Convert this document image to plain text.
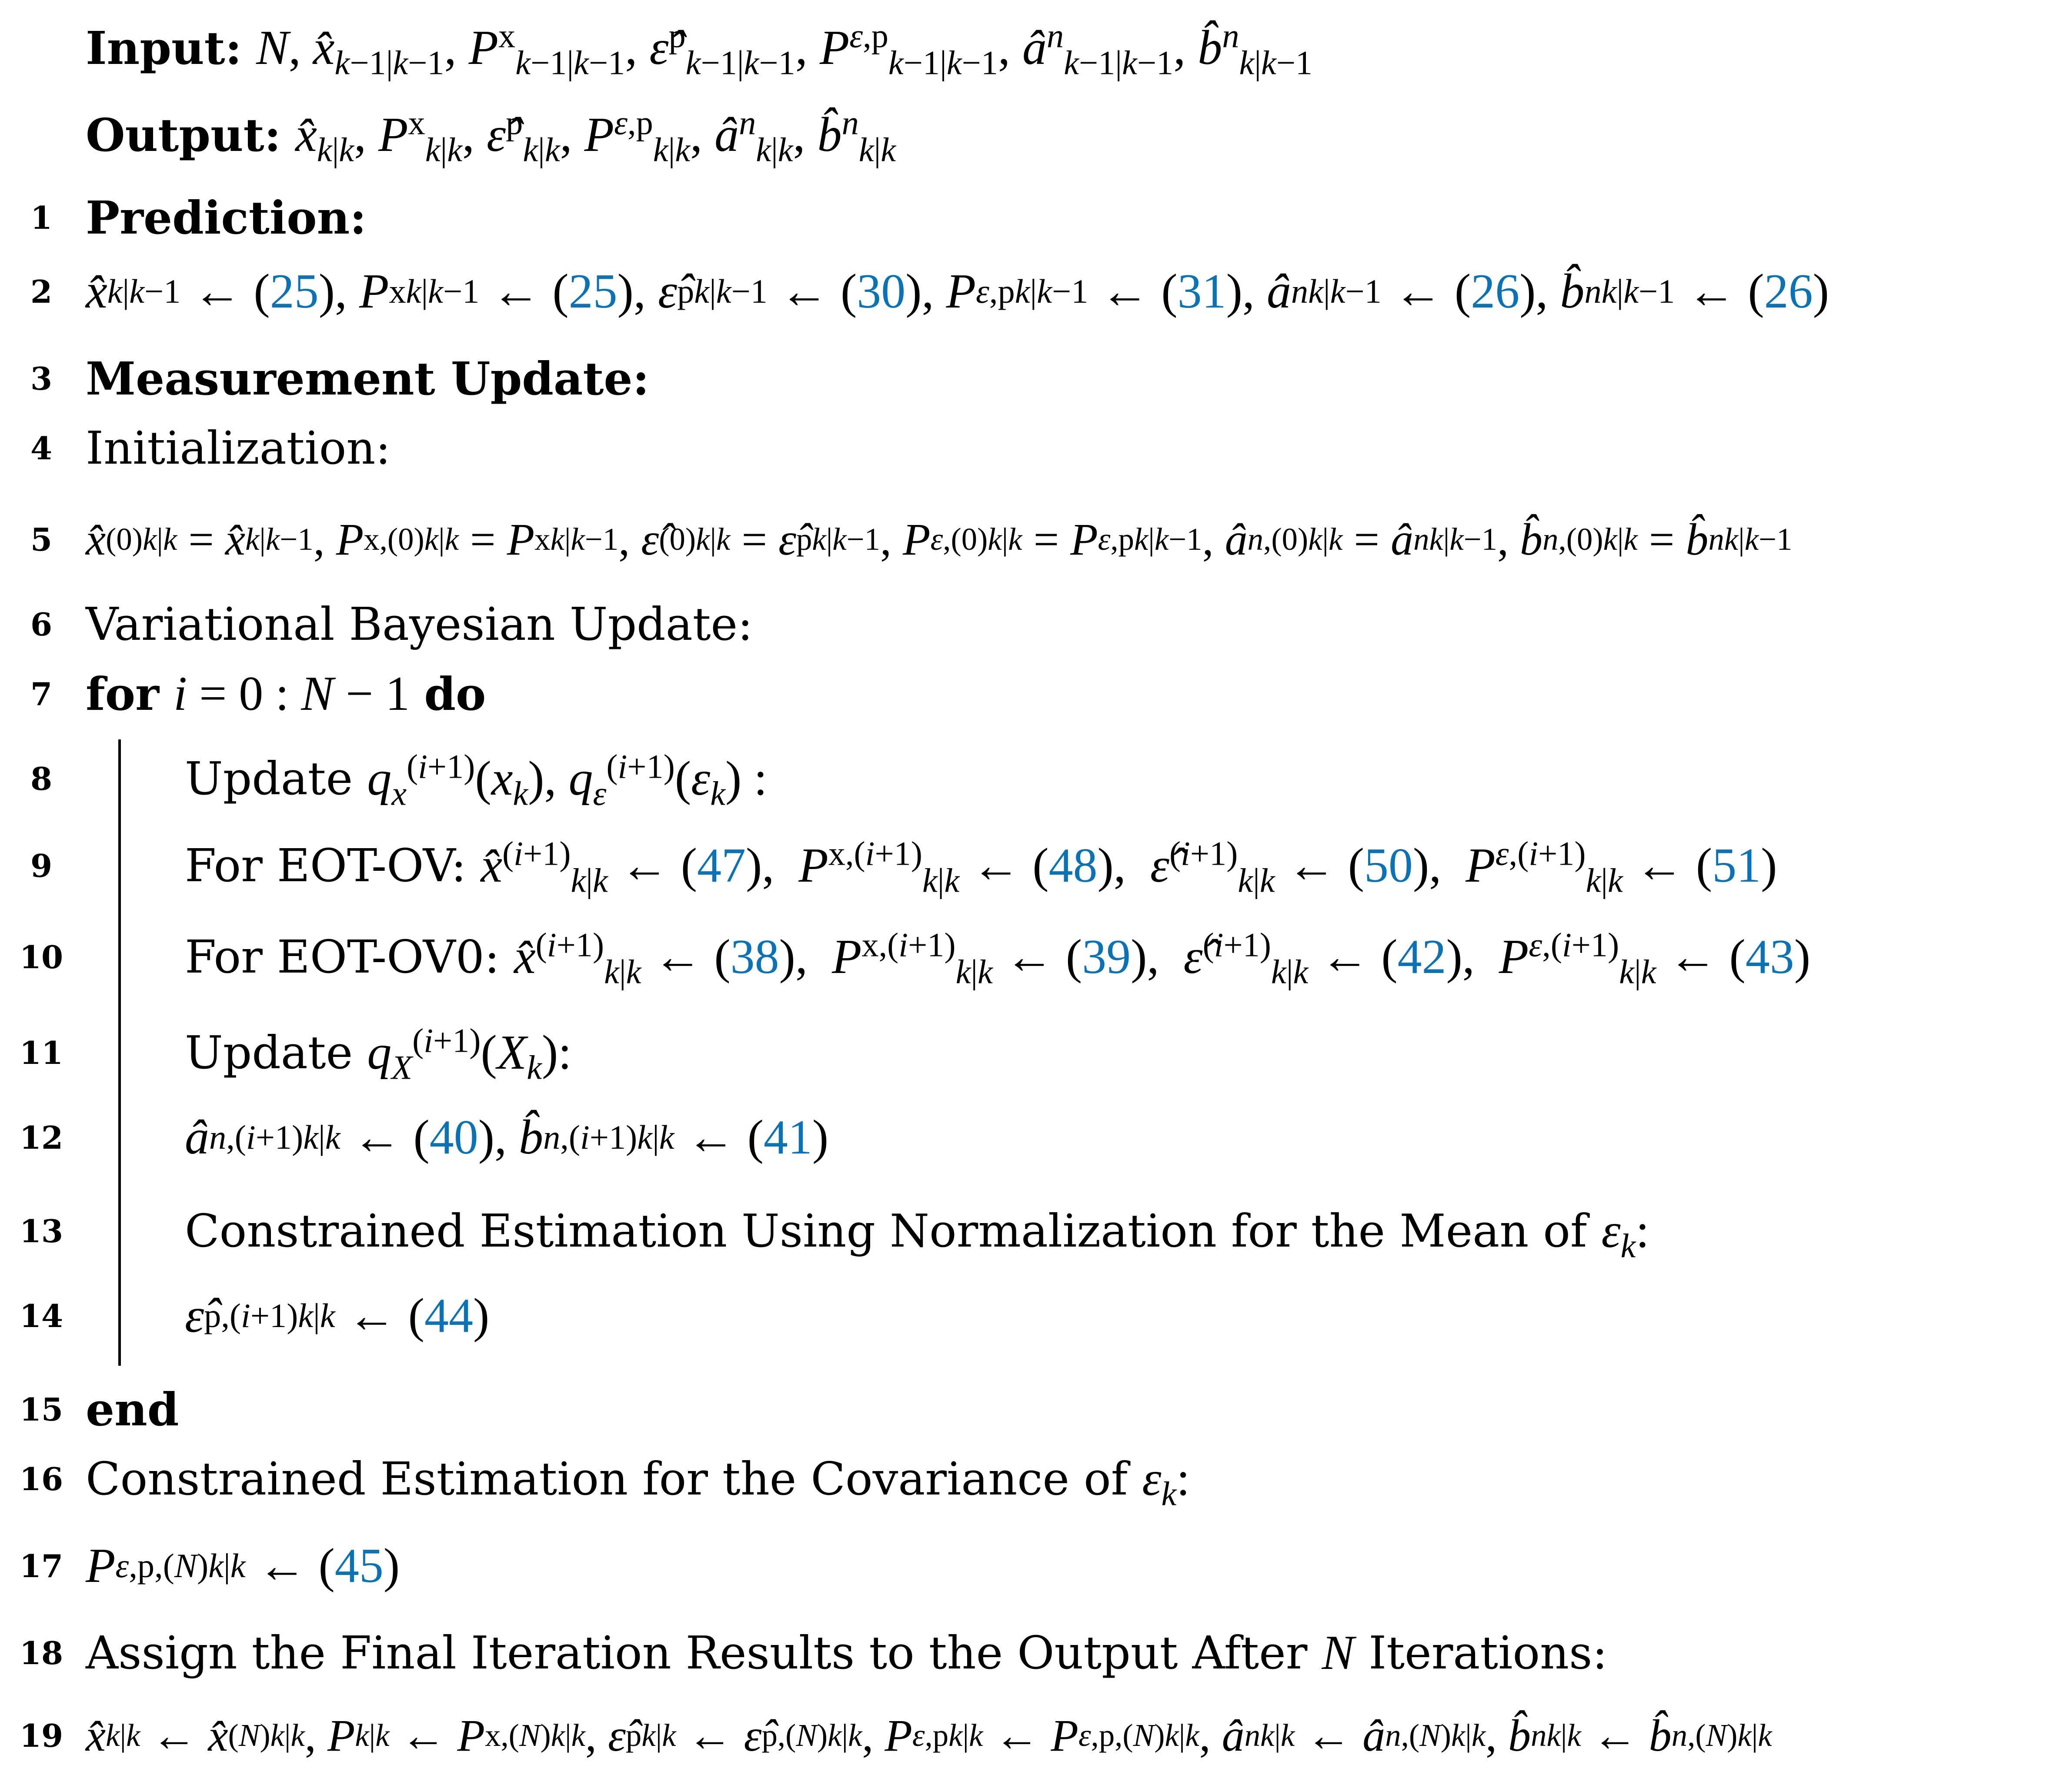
Input:
N, $x̂_{k-1|k-1}$, $P^x_{k-1|k-1}$, ε̂$^p_{k-1|k-1}$, $P^{\varepsilon,p}_{k-1|k-1}$, $â^n_{k-1|k-1}$, b̂$^n_{k|k-1}$
Output:
$x̂_{k|k}$, $P^x_{k|k}$, ε̂$^p_{k|k}$, $P^{\varepsilon,p}_{k|k}$, $â^n_{k|k}$, b̂$^n_{k|k}$
1 Prediction:
2 x̂ k|k−1 ← ( 25 ), P x k|k−1 ← ( 25 ), ε̂ p k|k−1 ← ( 30 ), P ε,p k|k−1 ← ( 31 ), â n k|k−1 ← ( 26 ), b̂ n k|k−1 ← ( 26 )
3 Measurement Update:
4 Initialization:
5 x̂ (0) k|k = x̂ k|k−1 , P x,(0) k|k = P x k|k−1 , ε̂ (0) k|k = ε̂ p k|k−1 , P ε,(0) k|k = P ε,p k|k−1 , â n,(0) k|k = â n k|k−1 , b̂ n,(0) k|k = b̂ n k|k−1
6 Variational Bayesian Update:
7 for
i = 0 : N − 1
do
8	Update $q_x^{(i+1)}(x_k)$, $q_\varepsilon^{(i+1)}(\varepsilon_k)$ :
9	For EOT-OV: x̂$^{(i+1)}_{k|k}$ ← (47),  $P^{x,(i+1)}_{k|k}$ ← (48),  ε̂$^{(i+1)}_{k|k}$ ← (50),  $P^{\varepsilon,(i+1)}_{k|k}$ ← (51)
10	For EOT-OV0: x̂$^{(i+1)}_{k|k}$ ← (38),  $P^{x,(i+1)}_{k|k}$ ← (39),  ε̂$^{(i+1)}_{k|k}$ ← (42),  $P^{\varepsilon,(i+1)}_{k|k}$ ← (43)
11	Update $q_X^{(i+1)}(X_k)$:
12 â n,(i+1) k|k ← ( 40 ), b̂ n,(i+1) k|k ← ( 41 )
13	Constrained Estimation Using Normalization for the Mean of $\varepsilon_k$:
14 ε̂ p,(i+1) k|k ← ( 44 )
15 end
16 Constrained Estimation for the Covariance of $\varepsilon_k$:
17 P ε,p,(N) k|k ← ( 45 )
18 Assign the Final Iteration Results to the Output After N Iterations:
19 x̂ k|k ← x̂ (N) k|k , P k|k ← P x,(N) k|k , ε̂ p k|k ← ε̂ p,(N) k|k , P ε,p k|k ← P ε,p,(N) k|k , â n k|k ← â n,(N) k|k , b̂ n k|k ← b̂ n,(N) k|k
